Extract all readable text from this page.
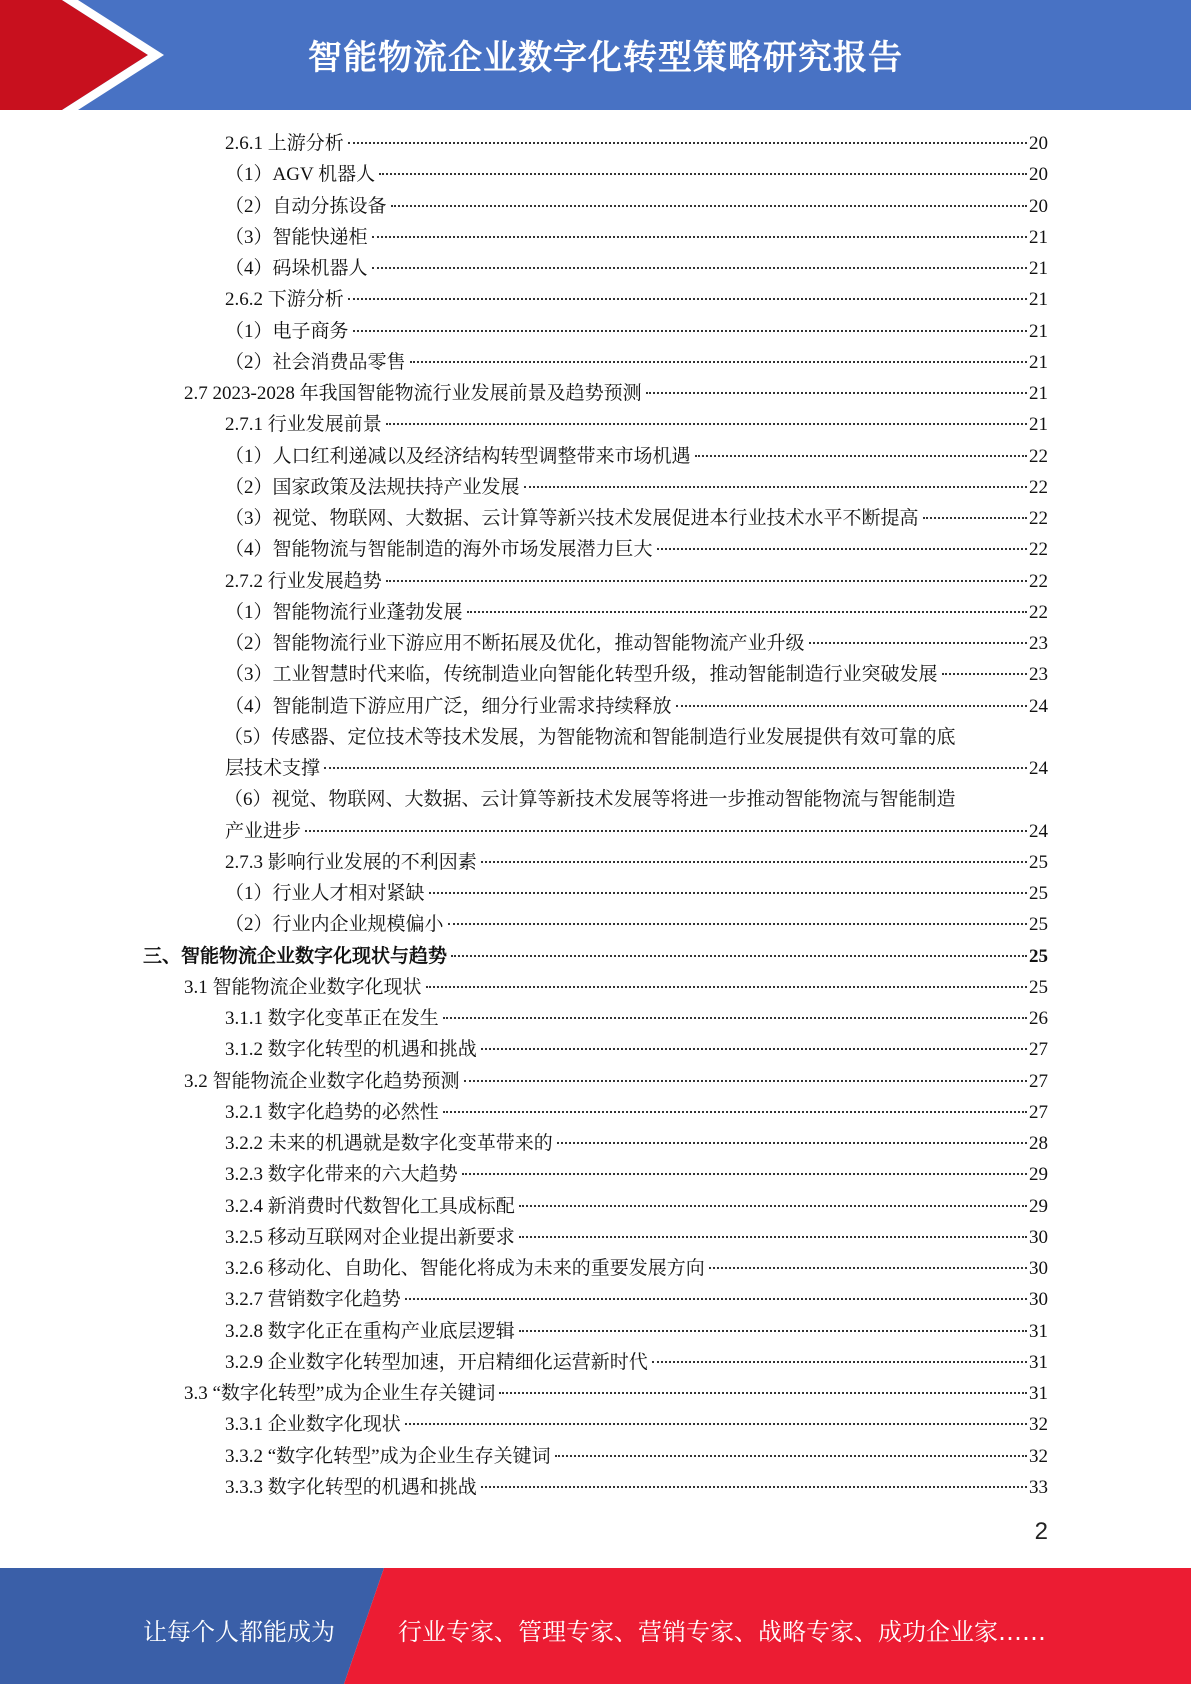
智能物流企业数字化转型策略研究报告
2.6.1 上游分析	20
（1）AGV 机器人	20
（2）自动分拣设备	20
（3）智能快递柜	21
（4）码垛机器人	21
2.6.2 下游分析	21
（1）电子商务	21
（2）社会消费品零售	21
2.7 2023-2028 年我国智能物流行业发展前景及趋势预测	21
2.7.1 行业发展前景	21
（1）人口红利递减以及经济结构转型调整带来市场机遇	22
（2）国家政策及法规扶持产业发展	22
（3）视觉、物联网、大数据、云计算等新兴技术发展促进本行业技术水平不断提高	22
（4）智能物流与智能制造的海外市场发展潜力巨大	22
2.7.2 行业发展趋势	22
（1）智能物流行业蓬勃发展	22
（2）智能物流行业下游应用不断拓展及优化，推动智能物流产业升级	23
（3）工业智慧时代来临，传统制造业向智能化转型升级，推动智能制造行业突破发展	23
（4）智能制造下游应用广泛，细分行业需求持续释放	24
（5）传感器、定位技术等技术发展，为智能物流和智能制造行业发展提供有效可靠的底
层技术支撑	24
（6）视觉、物联网、大数据、云计算等新技术发展等将进一步推动智能物流与智能制造
产业进步	24
2.7.3 影响行业发展的不利因素	25
（1）行业人才相对紧缺	25
（2）行业内企业规模偏小	25
三、智能物流企业数字化现状与趋势	25
3.1 智能物流企业数字化现状	25
3.1.1 数字化变革正在发生	26
3.1.2 数字化转型的机遇和挑战	27
3.2 智能物流企业数字化趋势预测	27
3.2.1 数字化趋势的必然性	27
3.2.2 未来的机遇就是数字化变革带来的	28
3.2.3 数字化带来的六大趋势	29
3.2.4 新消费时代数智化工具成标配	29
3.2.5 移动互联网对企业提出新要求	30
3.2.6 移动化、自助化、智能化将成为未来的重要发展方向	30
3.2.7 营销数字化趋势	30
3.2.8 数字化正在重构产业底层逻辑	31
3.2.9 企业数字化转型加速，开启精细化运营新时代	31
3.3 “数字化转型”成为企业生存关键词	31
3.3.1 企业数字化现状	32
3.3.2 “数字化转型”成为企业生存关键词	32
3.3.3 数字化转型的机遇和挑战	33
2
让每个人都能成为	行业专家、管理专家、营销专家、战略专家、成功企业家……
